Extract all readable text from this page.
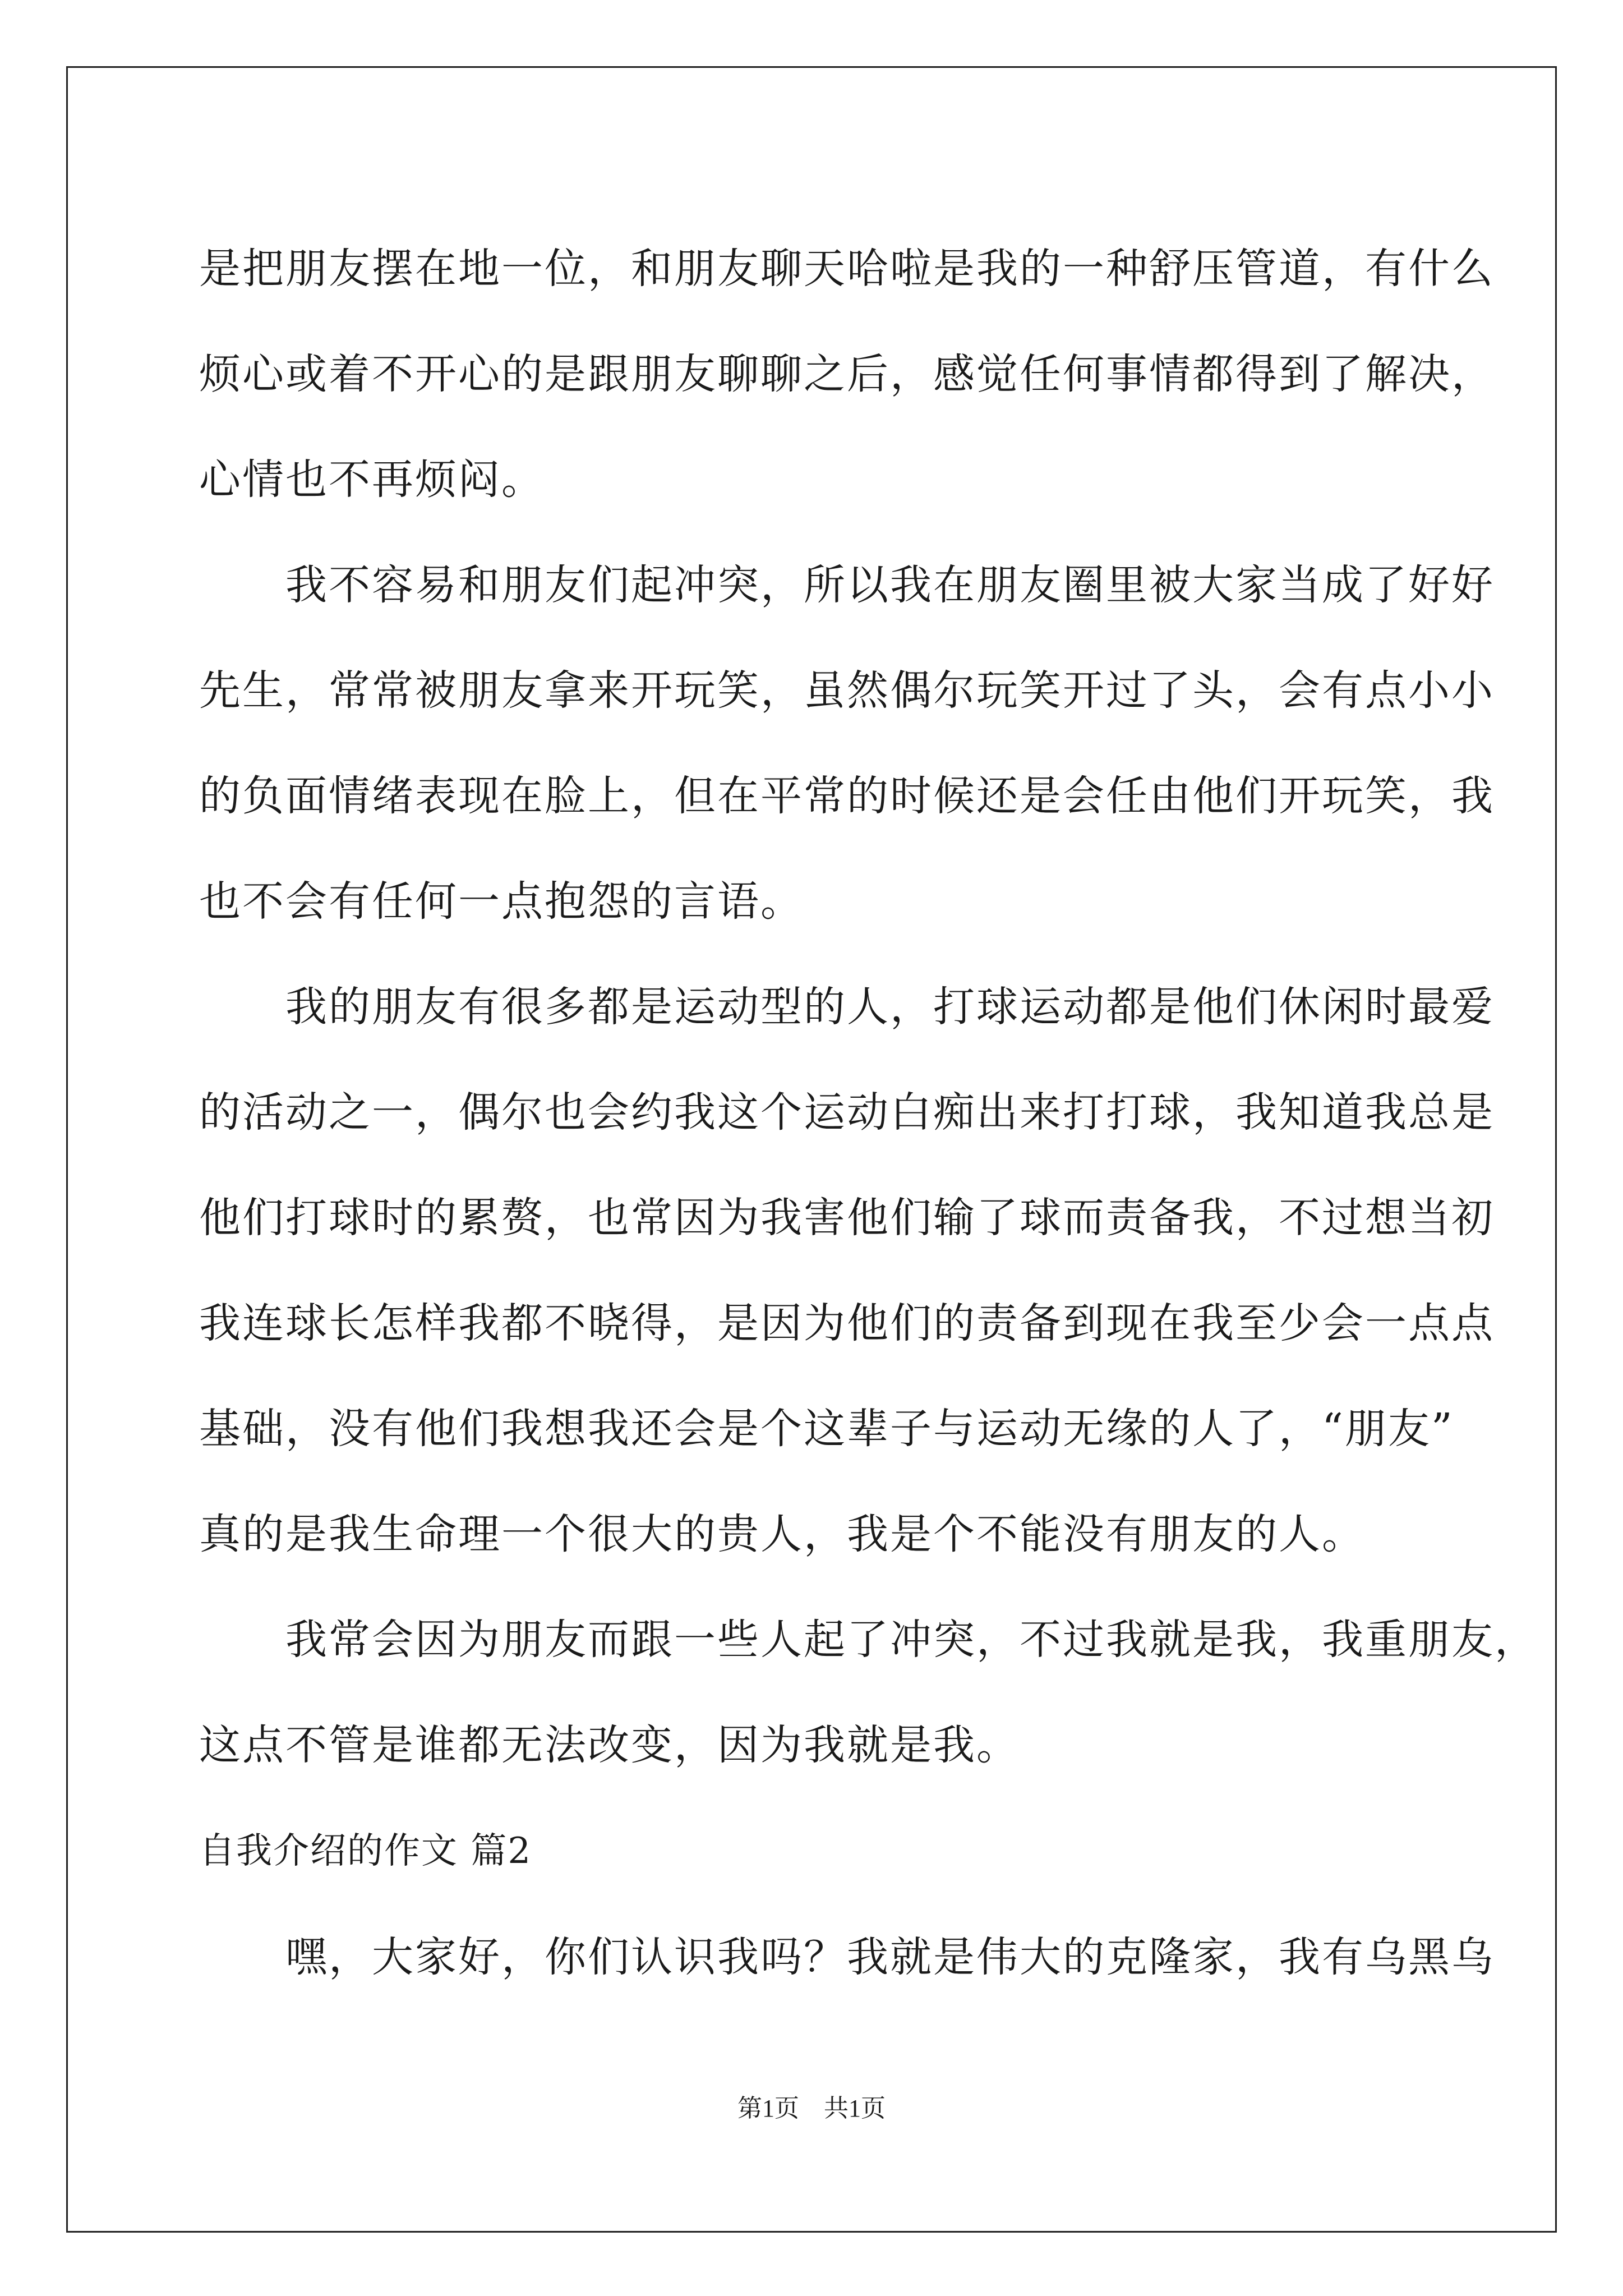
是把朋友摆在地一位，和朋友聊天哈啦是我的一种舒压管道，有什么

烦心或着不开心的是跟朋友聊聊之后，感觉任何事情都得到了解决，

心情也不再烦闷。

　　我不容易和朋友们起冲突，所以我在朋友圈里被大家当成了好好

先生，常常被朋友拿来开玩笑，虽然偶尔玩笑开过了头，会有点小小

的负面情绪表现在脸上，但在平常的时候还是会任由他们开玩笑，我

也不会有任何一点抱怨的言语。

　　我的朋友有很多都是运动型的人，打球运动都是他们休闲时最爱

的活动之一，偶尔也会约我这个运动白痴出来打打球，我知道我总是

他们打球时的累赘，也常因为我害他们输了球而责备我，不过想当初

我连球长怎样我都不晓得，是因为他们的责备到现在我至少会一点点

基础，没有他们我想我还会是个这辈子与运动无缘的人了，“朋友”

真的是我生命理一个很大的贵人，我是个不能没有朋友的人。

　　我常会因为朋友而跟一些人起了冲突，不过我就是我，我重朋友，

这点不管是谁都无法改变，因为我就是我。

自我介绍的作文 篇2

　　嘿，大家好，你们认识我吗？我就是伟大的克隆家，我有乌黑乌

第1页　共1页
